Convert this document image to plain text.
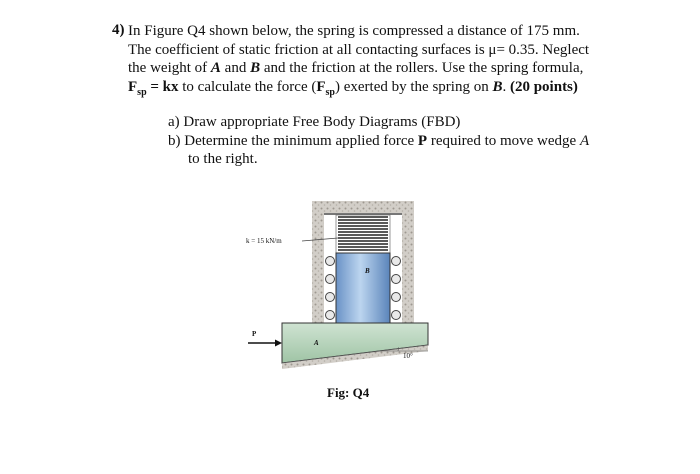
4) In Figure Q4 shown below, the spring is compressed a distance of 175 mm.
The coefficient of static friction at all contacting surfaces is μ= 0.35. Neglect
the weight of A and B and the friction at the rollers. Use the spring formula,
$F_{sp}$ = kx to calculate the force $(F_{sp})$ exerted by the spring on B. (20 points)
a) Draw appropriate Free Body Diagrams (FBD)
b) Determine the minimum applied force P required to move wedge A
to the right.
B
A
10°
P
k = 15 kN/m
Fig: Q4
